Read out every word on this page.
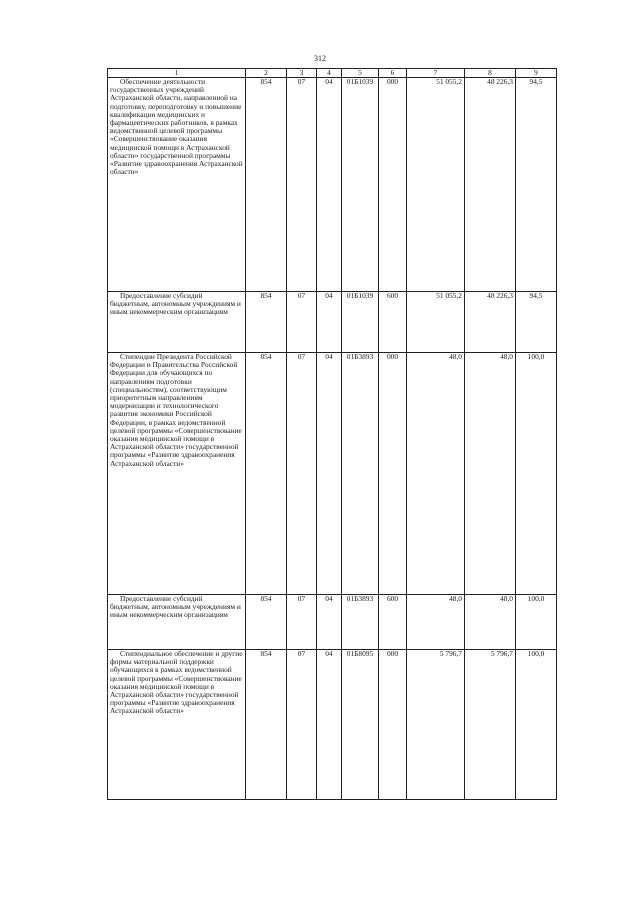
312
1	2	3	4	5	6	7	8	9
Обеспечение деятельности государственных учреждений Астраханской области, направленной на подготовку, переподготовку и повышение квалификации медицинских и фармацевтических работников, в рамках ведомственной целевой программы «Совершенствование оказания медицинской помощи в Астраханской области» государственной программы «Развитие здравоохранения Астраханской области»	854	07	04	01Б1039	000	51 055,2	48 226,3	94,5
Предоставление субсидий бюджетным, автономным учреждениям и иным некоммерческим организациям	854	07	04	01Б1039	600	51 055,2	48 226,3	94,5
Стипендии Президента Российской Федерации и Правительства Российской Федерации для обучающихся по направлениям подготовки (специальностям), соответствующим приоритетным направлениям модернизации и технологического развития экономики Российской Федерации, в рамках ведомственной целевой программы «Совершенствование оказания медицинской помощи в Астраханской области» государственной программы «Развитие здравоохранения Астраханской области»	854	07	04	01Б3893	000	48,0	48,0	100,0
Предоставление субсидий бюджетным, автономным учреждениям и иным некоммерческим организациям	854	07	04	01Б3893	600	48,0	48,0	100,0
Стипендиальное обеспечение и другие формы материальной поддержки обучающихся в рамках ведомственной целевой программы «Совершенствование оказания медицинской помощи в Астраханской области» государственной программы «Развитие здравоохранения Астраханской области»	854	07	04	01Б8095	000	5 796,7	5 796,7	100,0
